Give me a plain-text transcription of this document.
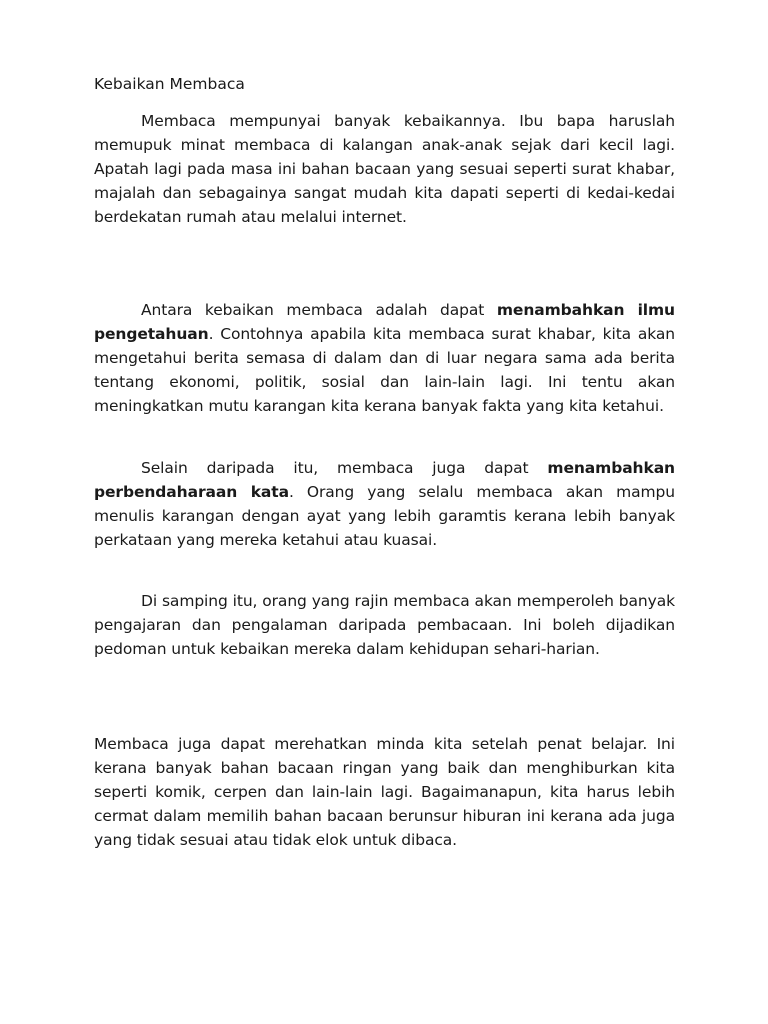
Kebaikan Membaca

Membaca mempunyai banyak kebaikannya. Ibu bapa haruslah memupuk minat membaca di kalangan anak-anak sejak dari kecil lagi. Apatah lagi pada masa ini bahan bacaan yang sesuai seperti surat khabar, majalah dan sebagainya sangat mudah kita dapati seperti di kedai-kedai berdekatan rumah atau melalui internet.

Antara kebaikan membaca adalah dapat menambahkan ilmu pengetahuan. Contohnya apabila kita membaca surat khabar, kita akan mengetahui berita semasa di dalam dan di luar negara sama ada berita tentang ekonomi, politik, sosial dan lain-lain lagi. Ini tentu akan meningkatkan mutu karangan kita kerana banyak fakta yang kita ketahui.

Selain daripada itu, membaca juga dapat menambahkan perbendaharaan kata. Orang yang selalu membaca akan mampu menulis karangan dengan ayat yang lebih garamtis kerana lebih banyak perkataan yang mereka ketahui atau kuasai.

Di samping itu, orang yang rajin membaca akan memperoleh banyak pengajaran dan pengalaman daripada pembacaan. Ini boleh dijadikan pedoman untuk kebaikan mereka dalam kehidupan sehari-harian.

Membaca juga dapat merehatkan minda kita setelah penat belajar. Ini kerana banyak bahan bacaan ringan yang baik dan menghiburkan kita seperti komik, cerpen dan lain-lain lagi. Bagaimanapun, kita harus lebih cermat dalam memilih bahan bacaan berunsur hiburan ini kerana ada juga yang tidak sesuai atau tidak elok untuk dibaca.
